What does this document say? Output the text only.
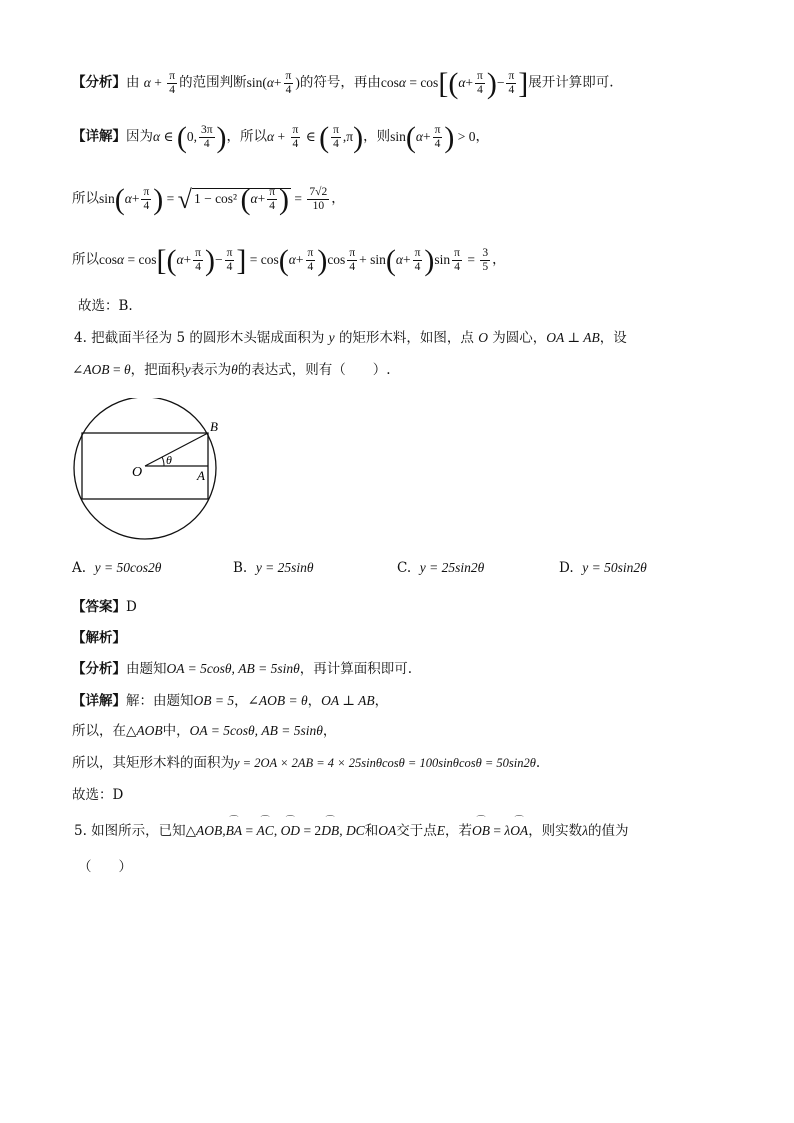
【分析】由 $\alpha + \frac{\pi}{4}$ 的范围判断$\sin(\alpha+ \frac{\pi}{4}$ )的符号，再由$\cos\alpha = \cos[(\alpha+ \frac{\pi}{4}$ )− $\frac{\pi}{4}$ ]展开计算即可.
【详解】因为α ∈ (0, $\frac{3\pi}{4}$ )，所以$\alpha + \frac{\pi}{4}$ ∈ ( $\frac{\pi}{4} ,\pi$)，则$\sin(\alpha+ \frac{\pi}{4}$ ) > 0，
所以$\sin(\alpha+ \frac{\pi}{4}$ ) = √ 1 − cos² ($\alpha+ \frac{\pi}{4}$ ) = $\frac{7√2}{10}$ ，
所以$\cos\alpha = \cos[(\alpha+ \frac{\pi}{4}$ )− $\frac{\pi}{4}$ ] = $\cos(\alpha+ \frac{\pi}{4} )\cos \frac{\pi}{4} + \sin(\alpha+ \frac{\pi}{4} )\sin \frac{\pi}{4} = \frac{3}{5}$ ，
故选：B.
4. 把截面半径为 5 的圆形木头锯成面积为 y 的矩形木料，如图，点 O 为圆心，OA ⊥ AB，设
∠AOB = θ，把面积y表示为θ的表达式，则有（　　）.
B
O	A
θ
A. y = 50cos2θ	B. y = 25sinθ	C. y = 25sin2θ	D. y = 50sin2θ
【答案】D
【解析】
【分析】由题知OA = 5cosθ, AB = 5sinθ，再计算面积即可.
【详解】解：由题知OB = 5，∠AOB = θ，OA ⊥ AB，
所以，在△AOB中，OA = 5cosθ, AB = 5sinθ，
所以，其矩形木料的面积为y = 2OA × 2AB = 4 × 25sinθcosθ = 100sinθcosθ = 50sin2θ.
故选：D
5. 如图所示，已知△AOB,⌒ BA = ⌒ AC, ⌒ OD = 2⌒ DB, DC和OA交于点E，若⌒ OB = λ⌒ OA，则实数λ的值为
（　　）
